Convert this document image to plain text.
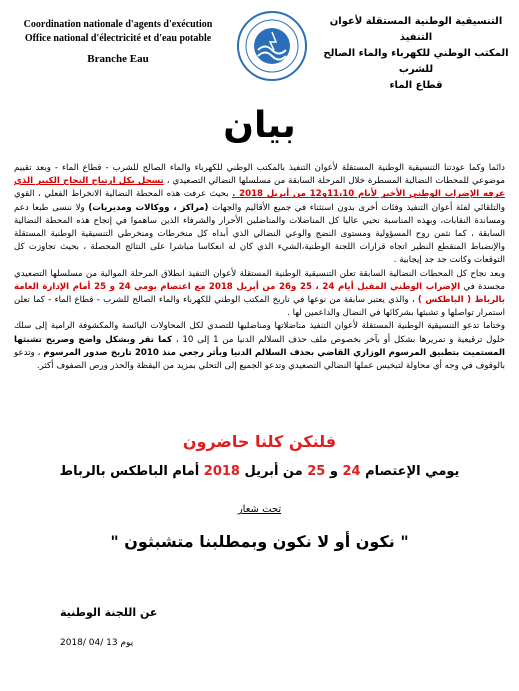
Coordination nationale d'agents d'exécution
Office national d'électricité et d'eau potable
Branche Eau
التنسيقية الوطنية المستقلة لأعوان التنفيذ
المكتب الوطني للكهرباء والماء الصالح للشرب
قطاع الماء
بيان

دائما وكما عودتنا التنسيقية الوطنية المستقلة لأعوان التنفيذ بالمكتب الوطني للكهرباء والماء الصالح للشرب - قطاع الماء - وبعد تقييم موضوعي للمحطات النضالية المسطرة خلال المرحلة السابقة من مسلسلها النضالي التصعيدي ، تسجل بكل ارتياح النجاح الكبير الذي عرفه الإضراب الوطني الأخير لأيام 11،10و12 من أبريل 2018 . بحيث عرفت هذه المحطة النضالية الانخراط الفعلي ، القوي والتلقائي لفئة أعوان التنفيذ وفئات أخرى بدون استثناء في جميع الأقاليم والجهات (مراكز ، ووكالات ومديريات) ولا ننسى طبعا دعم ومساندة النقابات، وبهذه المناسبة نحيي عاليا كل المناضلات والمناضلين الأحرار والشرفاء الذين ساهموا في إنجاح هذه المحطة النضالية السابقة ، كما نثمن روح المسؤولية ومستوى النضج والوعي النضالي الذي أبداه كل منخرطات ومنخرطي التنسيقية الوطنية المستقلة والإنضباط المنقطع النظير اتجاه قرارات اللجنة الوطنية،الشيء الذي كان له انعكاسا مباشرا على النتائج المحصلة ، بحيث تجاوزت كل التوقعات وكانت جد جد إيجابية .

وبعد نجاح كل المحطات النضالية السابقة تعلن التنسيقية الوطنية المستقلة لأعوان التنفيذ انطلاق المرحلة الموالية من مسلسلها التصعيدي مجسدة في الإضراب الوطني المقبل أيام 24 ، 25 و26 من أبريل 2018 مع اعتصام يومي 24 و 25 أمام الإدارة العامة بالرباط ( الباطكس ) ، والذي يعتبر سابقة من نوعها في تاريخ المكتب الوطني للكهرباء والماء الصالح للشرب - قطاع الماء - كما تعلن استمرار تواصلها و تشبثها بشركائها في النضال والداعمين لها .

وختاما تدعو التنسيقية الوطنية المستقلة لأعوان التنفيذ مناضلاتها ومناضليها للتصدي لكل المحاولات اليائسة والمكشوفة الرامية إلى سلك حلول ترقيعية و تمريرها بشكل أو بآخر بخصوص ملف حذف السلالم الدنيا من 1 إلى 10 ، كما تقر وبشكل واضح وصريح تشبثها المستميت بتطبيق المرسوم الوزاري القاضي بحذف السلالم الدنيا وبأثر رجعي منذ 2010 تاريخ صدور المرسوم ، وتدعو بالوقوف في وجه أي محاولة لتبخيس عملها النضالي التصعيدي وتدعو الجميع إلى التحلي بمزيد من اليقظة والحذر ورص الصفوف أكثر.

فلنكن كلنا حاضرون
يومي الإعتصام 24 و 25 من أبريل 2018 أمام الباطكس بالرباط
تحت شعار
" نكون أو لا نكون وبمطلبنا متشبثون "
عن اللجنة الوطنية
يوم 2018/ 04/ 13
